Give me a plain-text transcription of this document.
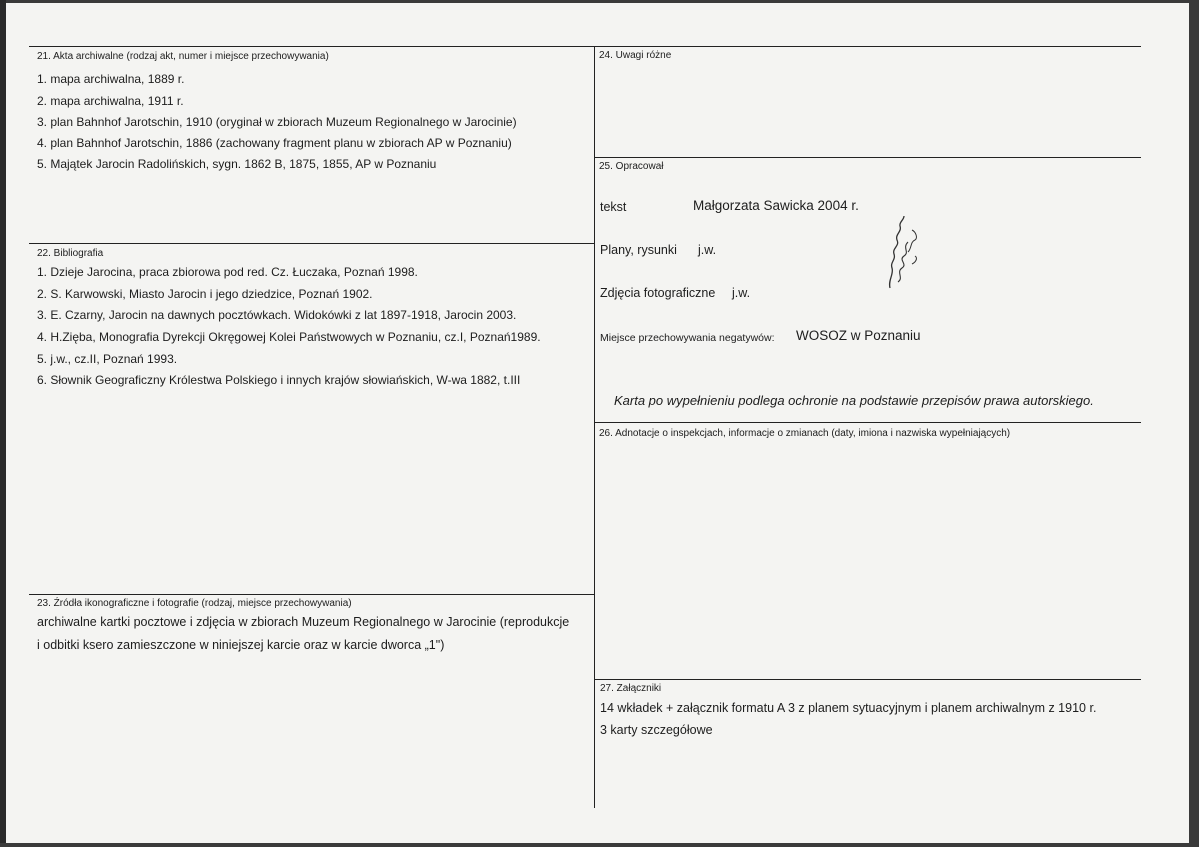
21. Akta archiwalne (rodzaj akt, numer i miejsce przechowywania)
1. mapa archiwalna, 1889 r.
2. mapa archiwalna, 1911 r.
3. plan Bahnhof Jarotschin, 1910 (oryginał w zbiorach Muzeum Regionalnego w Jarocinie)
4. plan Bahnhof Jarotschin, 1886 (zachowany fragment planu w zbiorach AP w Poznaniu)
5. Majątek Jarocin Radolińskich, sygn. 1862 B, 1875, 1855, AP w Poznaniu
22. Bibliografia
1. Dzieje Jarocina, praca zbiorowa pod red. Cz. Łuczaka, Poznań 1998.
2. S. Karwowski, Miasto Jarocin i jego dziedzice, Poznań 1902.
3. E. Czarny, Jarocin na dawnych pocztówkach. Widokówki z lat 1897-1918, Jarocin 2003.
4. H.Zięba, Monografia Dyrekcji Okręgowej Kolei Państwowych w Poznaniu, cz.I, Poznań1989.
5. j.w., cz.II, Poznań 1993.
6. Słownik Geograficzny Królestwa Polskiego i innych krajów słowiańskich, W-wa 1882, t.III
23. Źródła ikonograficzne i fotografie (rodzaj, miejsce przechowywania)
archiwalne kartki pocztowe i zdjęcia w zbiorach Muzeum Regionalnego w Jarocinie (reprodukcje
i odbitki ksero zamieszczone w niniejszej karcie oraz w karcie dworca „1")
24. Uwagi różne
25. Opracował
tekst	Małgorzata Sawicka 2004 r.
Plany, rysunki j.w.
Zdjęcia fotograficzne j.w.
Miejsce przechowywania negatywów: WOSOZ w Poznaniu
Karta po wypełnieniu podlega ochronie na podstawie przepisów prawa autorskiego.
26. Adnotacje o inspekcjach, informacje o zmianach (daty, imiona i nazwiska wypełniających)
27. Załączniki
14 wkładek + załącznik formatu A 3 z planem sytuacyjnym i planem archiwalnym z 1910 r.
3 karty szczegółowe
